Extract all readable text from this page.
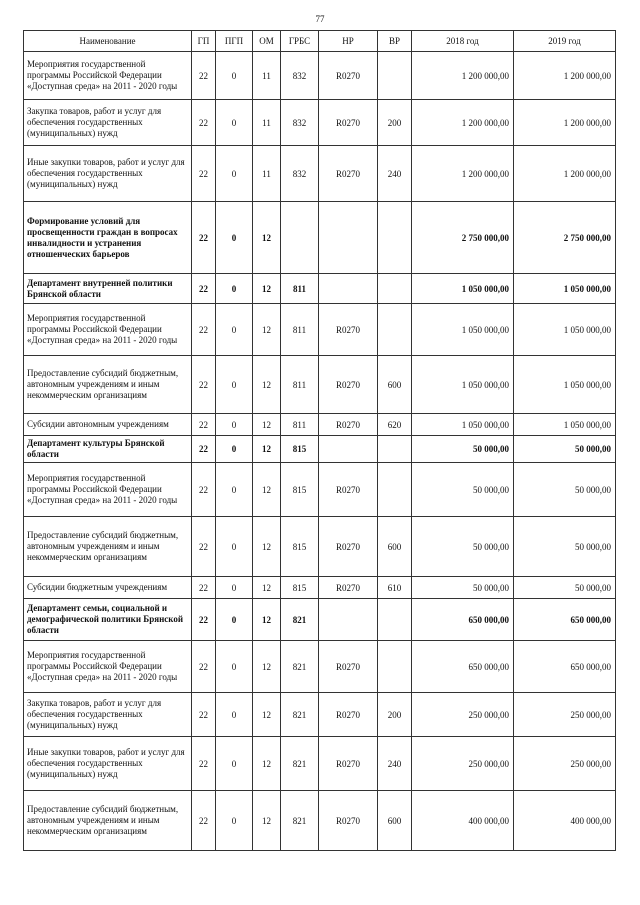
77
Наименование	ГП	ПГП	ОМ	ГРБС	НР	ВР	2018 год	2019 год
Мероприятия государственной программы Российской Федерации «Доступная среда» на 2011 - 2020 годы	22	0	11	832	R0270		1 200 000,00	1 200 000,00
Закупка товаров, работ и услуг для обеспечения государственных (муниципальных) нужд	22	0	11	832	R0270	200	1 200 000,00	1 200 000,00
Иные закупки товаров, работ и услуг для обеспечения государственных (муниципальных) нужд	22	0	11	832	R0270	240	1 200 000,00	1 200 000,00
Формирование условий для просвещенности граждан в вопросах инвалидности и устранения отношенческих барьеров	22	0	12				2 750 000,00	2 750 000,00
Департамент внутренней политики Брянской области	22	0	12	811			1 050 000,00	1 050 000,00
Мероприятия государственной программы Российской Федерации «Доступная среда» на 2011 - 2020 годы	22	0	12	811	R0270		1 050 000,00	1 050 000,00
Предоставление субсидий бюджетным, автономным учреждениям и иным некоммерческим организациям	22	0	12	811	R0270	600	1 050 000,00	1 050 000,00
Субсидии автономным учреждениям	22	0	12	811	R0270	620	1 050 000,00	1 050 000,00
Департамент культуры Брянской области	22	0	12	815			50 000,00	50 000,00
Мероприятия государственной программы Российской Федерации «Доступная среда» на 2011 - 2020 годы	22	0	12	815	R0270		50 000,00	50 000,00
Предоставление субсидий бюджетным, автономным учреждениям и иным некоммерческим организациям	22	0	12	815	R0270	600	50 000,00	50 000,00
Субсидии бюджетным учреждениям	22	0	12	815	R0270	610	50 000,00	50 000,00
Департамент семьи, социальной и демографической политики Брянской области	22	0	12	821			650 000,00	650 000,00
Мероприятия государственной программы Российской Федерации «Доступная среда» на 2011 - 2020 годы	22	0	12	821	R0270		650 000,00	650 000,00
Закупка товаров, работ и услуг для обеспечения государственных (муниципальных) нужд	22	0	12	821	R0270	200	250 000,00	250 000,00
Иные закупки товаров, работ и услуг для обеспечения государственных (муниципальных) нужд	22	0	12	821	R0270	240	250 000,00	250 000,00
Предоставление субсидий бюджетным, автономным учреждениям и иным некоммерческим организациям	22	0	12	821	R0270	600	400 000,00	400 000,00
